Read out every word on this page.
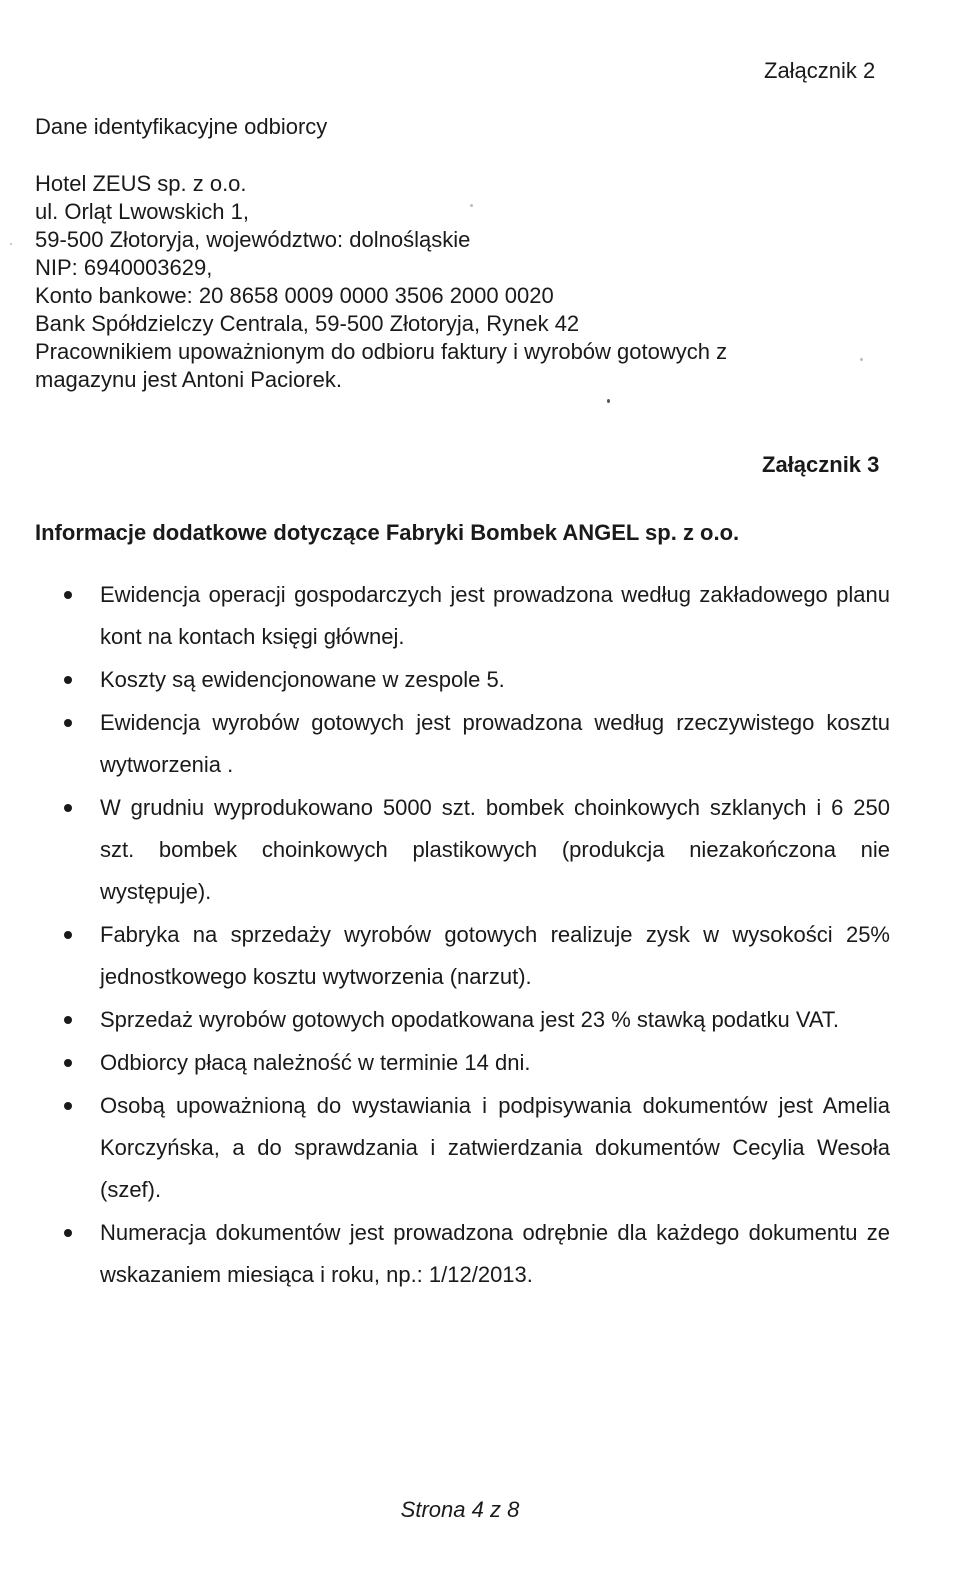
Załącznik 2
Dane identyfikacyjne odbiorcy
Hotel ZEUS sp. z o.o.
ul. Orląt Lwowskich 1,
59-500 Złotoryja, województwo: dolnośląskie
NIP: 6940003629,
Konto bankowe: 20 8658 0009 0000 3506 2000 0020
Bank Spółdzielczy Centrala, 59-500 Złotoryja, Rynek 42
Pracownikiem upoważnionym do odbioru faktury i wyrobów gotowych z
magazynu jest Antoni Paciorek.
Załącznik 3
Informacje dodatkowe dotyczące Fabryki Bombek ANGEL sp. z o.o.
Ewidencja operacji gospodarczych jest prowadzona według zakładowego planu kont na kontach księgi głównej.
Koszty są ewidencjonowane w zespole 5.
Ewidencja wyrobów gotowych jest prowadzona według rzeczywistego kosztu wytworzenia .
W grudniu wyprodukowano 5000 szt. bombek choinkowych szklanych i 6 250 szt. bombek choinkowych plastikowych (produkcja niezakończona nie występuje).
Fabryka na sprzedaży wyrobów gotowych realizuje zysk w wysokości 25% jednostkowego kosztu wytworzenia (narzut).
Sprzedaż wyrobów gotowych opodatkowana jest 23 % stawką podatku VAT.
Odbiorcy płacą należność w terminie 14 dni.
Osobą upoważnioną do wystawiania i podpisywania dokumentów jest Amelia Korczyńska, a do sprawdzania i zatwierdzania dokumentów Cecylia Wesoła (szef).
Numeracja dokumentów jest prowadzona odrębnie dla każdego dokumentu ze wskazaniem miesiąca i roku, np.: 1/12/2013.
Strona 4 z 8
